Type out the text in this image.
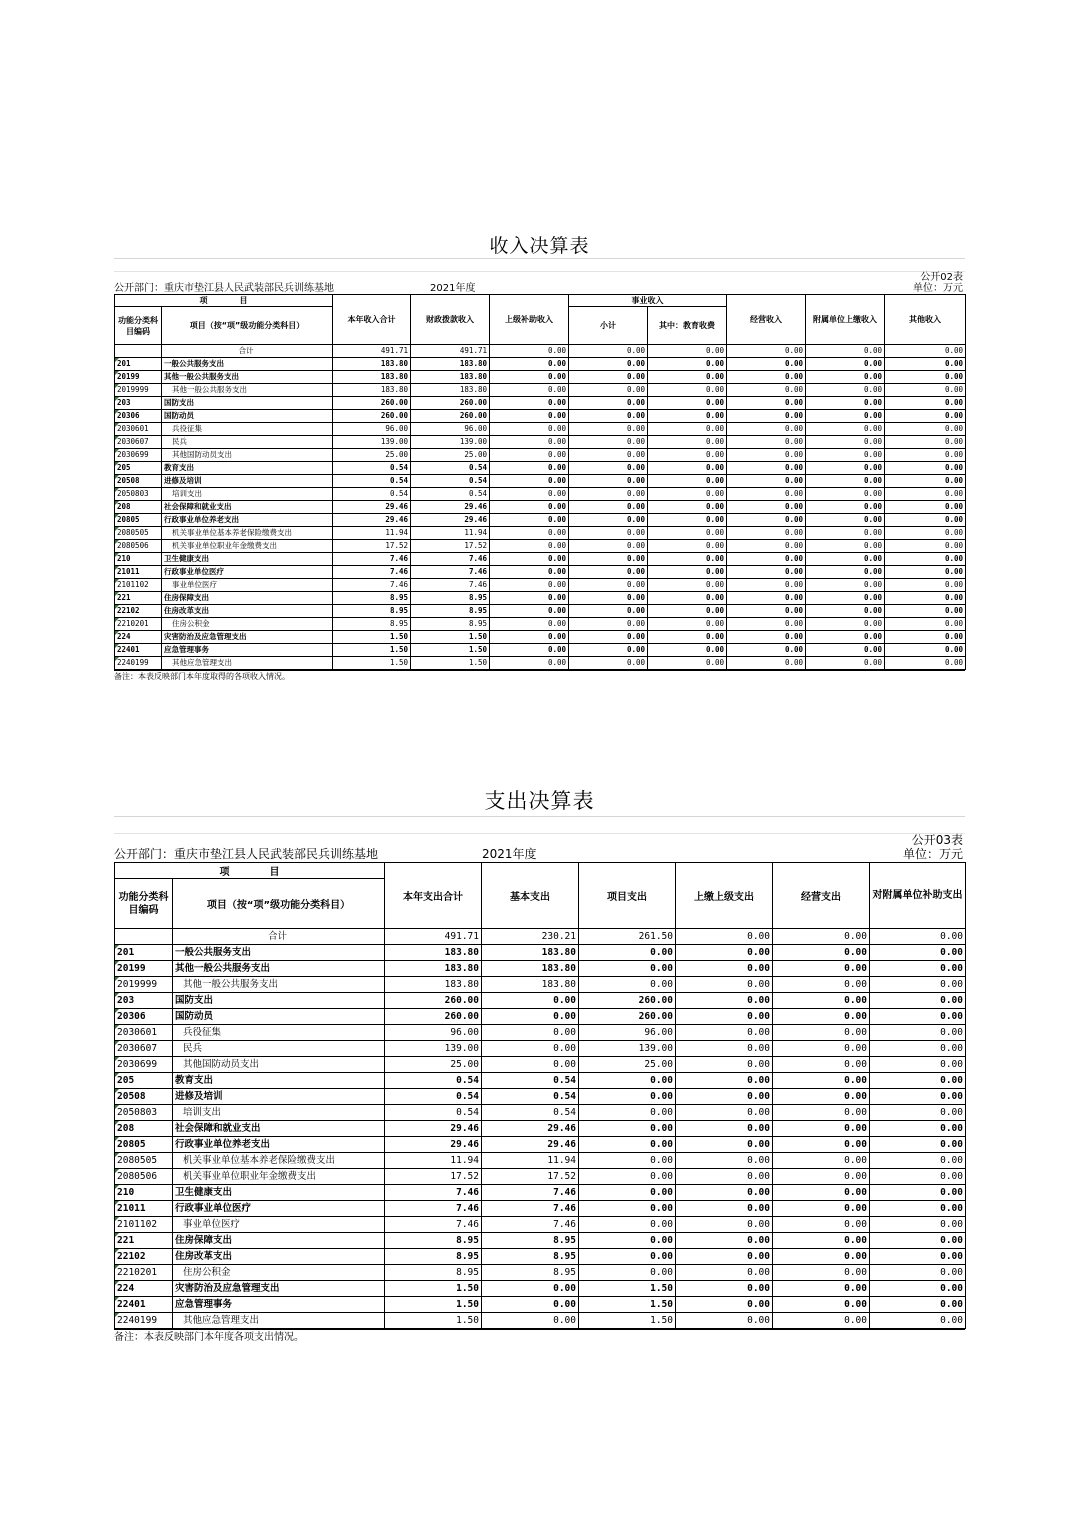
收入决算表
公开02表
公开部门：重庆市垫江县人民武装部民兵训练基地	2021年度	单位：万元
项　　　　目		本年收入合计	财政拨款收入	上级补助收入	事业收入		经营收入	附属单位上缴收入	其他收入
功能分类科目编码	项目（按“项”级功能分类科目）				小计	其中：教育收费			

	合计	491.71	491.71	0.00	0.00	0.00	0.00	0.00	0.00
201	一般公共服务支出	183.80	183.80	0.00	0.00	0.00	0.00	0.00	0.00
20199	其他一般公共服务支出	183.80	183.80	0.00	0.00	0.00	0.00	0.00	0.00
2019999	其他一般公共服务支出	183.80	183.80	0.00	0.00	0.00	0.00	0.00	0.00
203	国防支出	260.00	260.00	0.00	0.00	0.00	0.00	0.00	0.00
20306	国防动员	260.00	260.00	0.00	0.00	0.00	0.00	0.00	0.00
2030601	兵役征集	96.00	96.00	0.00	0.00	0.00	0.00	0.00	0.00
2030607	民兵	139.00	139.00	0.00	0.00	0.00	0.00	0.00	0.00
2030699	其他国防动员支出	25.00	25.00	0.00	0.00	0.00	0.00	0.00	0.00
205	教育支出	0.54	0.54	0.00	0.00	0.00	0.00	0.00	0.00
20508	进修及培训	0.54	0.54	0.00	0.00	0.00	0.00	0.00	0.00
2050803	培训支出	0.54	0.54	0.00	0.00	0.00	0.00	0.00	0.00
208	社会保障和就业支出	29.46	29.46	0.00	0.00	0.00	0.00	0.00	0.00
20805	行政事业单位养老支出	29.46	29.46	0.00	0.00	0.00	0.00	0.00	0.00
2080505	机关事业单位基本养老保险缴费支出	11.94	11.94	0.00	0.00	0.00	0.00	0.00	0.00
2080506	机关事业单位职业年金缴费支出	17.52	17.52	0.00	0.00	0.00	0.00	0.00	0.00
210	卫生健康支出	7.46	7.46	0.00	0.00	0.00	0.00	0.00	0.00
21011	行政事业单位医疗	7.46	7.46	0.00	0.00	0.00	0.00	0.00	0.00
2101102	事业单位医疗	7.46	7.46	0.00	0.00	0.00	0.00	0.00	0.00
221	住房保障支出	8.95	8.95	0.00	0.00	0.00	0.00	0.00	0.00
22102	住房改革支出	8.95	8.95	0.00	0.00	0.00	0.00	0.00	0.00
2210201	住房公积金	8.95	8.95	0.00	0.00	0.00	0.00	0.00	0.00
224	灾害防治及应急管理支出	1.50	1.50	0.00	0.00	0.00	0.00	0.00	0.00
22401	应急管理事务	1.50	1.50	0.00	0.00	0.00	0.00	0.00	0.00
2240199	其他应急管理支出	1.50	1.50	0.00	0.00	0.00	0.00	0.00	0.00
备注：本表反映部门本年度取得的各项收入情况。
支出决算表
公开03表
公开部门：重庆市垫江县人民武装部民兵训练基地	2021年度	单位：万元
项　　　　目		本年支出合计	基本支出	项目支出	上缴上级支出	经营支出	对附属单位补助支出
功能分类科目编码	项目（按“项”级功能分类科目）						
	合计	491.71	230.21	261.50	0.00	0.00	0.00
201	一般公共服务支出	183.80	183.80	0.00	0.00	0.00	0.00
20199	其他一般公共服务支出	183.80	183.80	0.00	0.00	0.00	0.00
2019999	其他一般公共服务支出	183.80	183.80	0.00	0.00	0.00	0.00
203	国防支出	260.00	0.00	260.00	0.00	0.00	0.00
20306	国防动员	260.00	0.00	260.00	0.00	0.00	0.00
2030601	兵役征集	96.00	0.00	96.00	0.00	0.00	0.00
2030607	民兵	139.00	0.00	139.00	0.00	0.00	0.00
2030699	其他国防动员支出	25.00	0.00	25.00	0.00	0.00	0.00
205	教育支出	0.54	0.54	0.00	0.00	0.00	0.00
20508	进修及培训	0.54	0.54	0.00	0.00	0.00	0.00
2050803	培训支出	0.54	0.54	0.00	0.00	0.00	0.00
208	社会保障和就业支出	29.46	29.46	0.00	0.00	0.00	0.00
20805	行政事业单位养老支出	29.46	29.46	0.00	0.00	0.00	0.00
2080505	机关事业单位基本养老保险缴费支出	11.94	11.94	0.00	0.00	0.00	0.00
2080506	机关事业单位职业年金缴费支出	17.52	17.52	0.00	0.00	0.00	0.00
210	卫生健康支出	7.46	7.46	0.00	0.00	0.00	0.00
21011	行政事业单位医疗	7.46	7.46	0.00	0.00	0.00	0.00
2101102	事业单位医疗	7.46	7.46	0.00	0.00	0.00	0.00
221	住房保障支出	8.95	8.95	0.00	0.00	0.00	0.00
22102	住房改革支出	8.95	8.95	0.00	0.00	0.00	0.00
2210201	住房公积金	8.95	8.95	0.00	0.00	0.00	0.00
224	灾害防治及应急管理支出	1.50	0.00	1.50	0.00	0.00	0.00
22401	应急管理事务	1.50	0.00	1.50	0.00	0.00	0.00
2240199	其他应急管理支出	1.50	0.00	1.50	0.00	0.00	0.00
备注：本表反映部门本年度各项支出情况。
